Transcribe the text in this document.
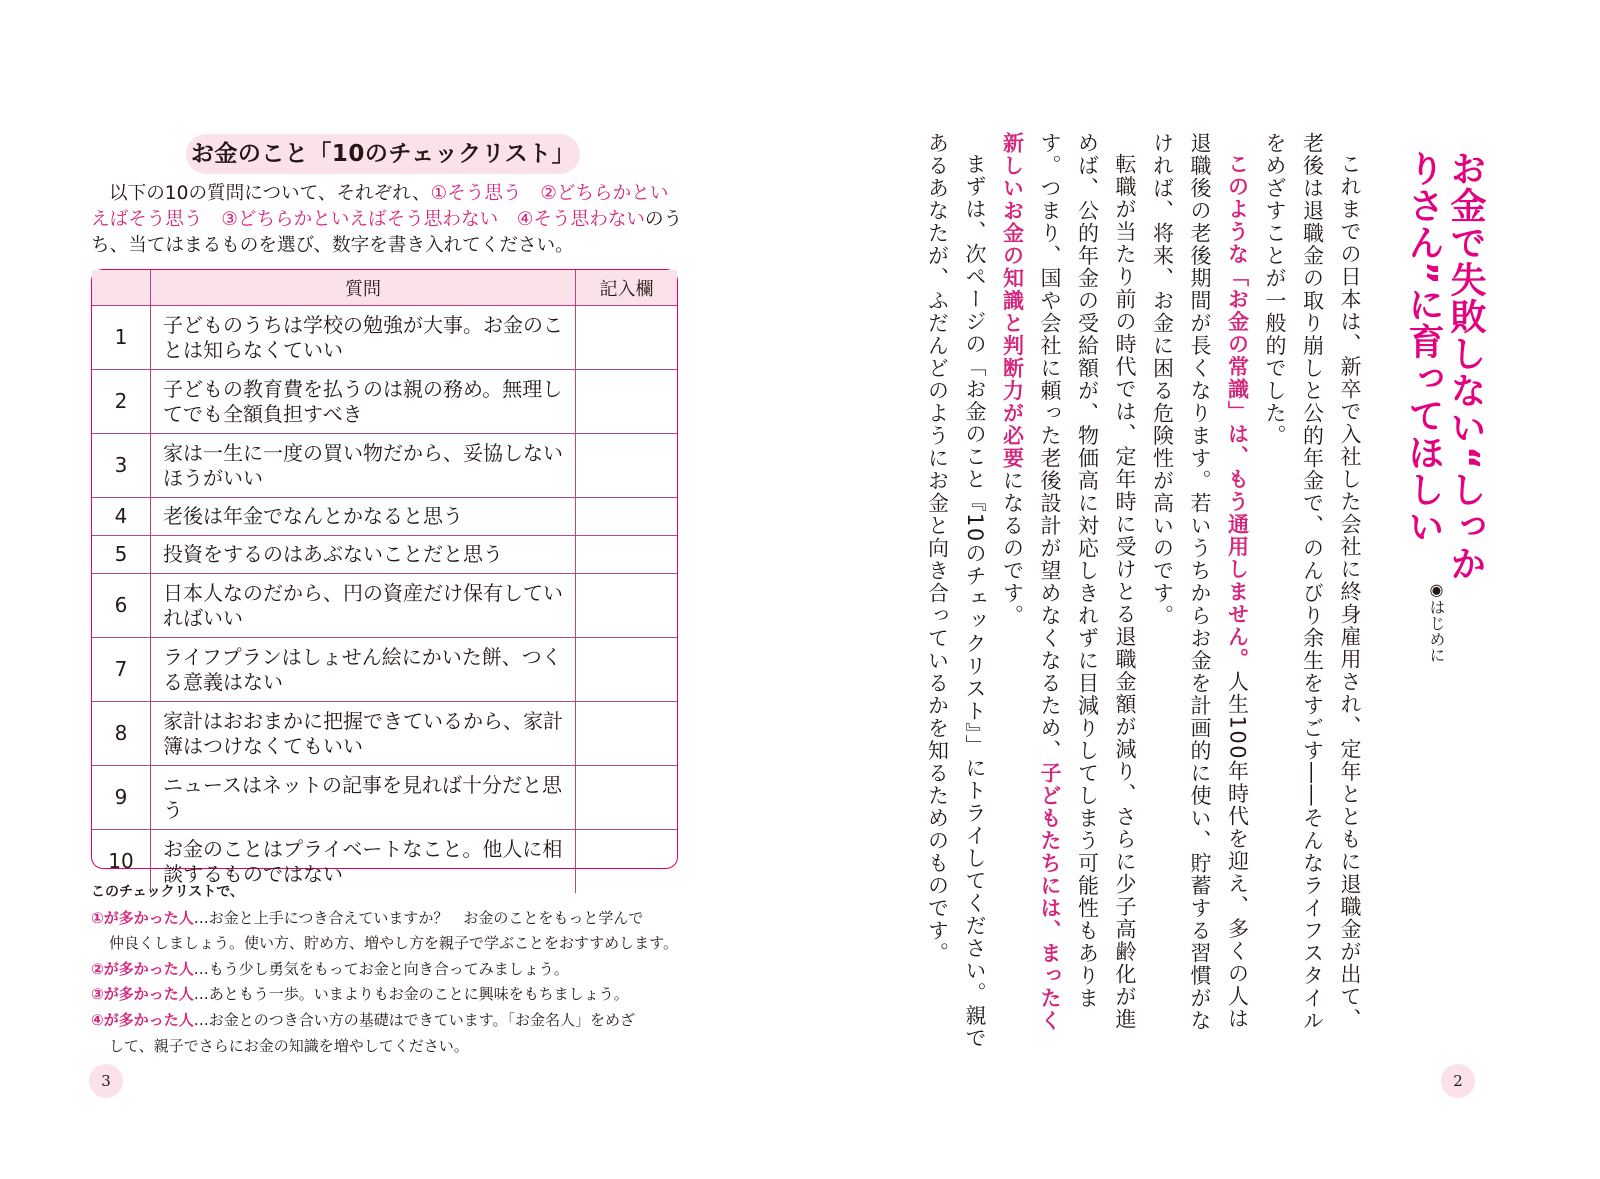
お金のこと「10のチェックリスト」
以下の10の質問について、それぞれ、①そう思う　 ②どちらかといえばそう思う　 ③どちらかといえばそう思わない　 ④そう思わないのうち、当てはまるものを選び、数字を書き入れてください。
	質問	記入欄
1	子どものうちは学校の勉強が大事。お金のことは知らなくていい	
2	子どもの教育費を払うのは親の務め。無理してでも全額負担すべき	
3	家は一生に一度の買い物だから、妥協しないほうがいい	
4	老後は年金でなんとかなると思う	
5	投資をするのはあぶないことだと思う	
6	日本人なのだから、円の資産だけ保有していればいい	
7	ライフプランはしょせん絵にかいた餅、つくる意義はない	
8	家計はおおまかに把握できているから、家計簿はつけなくてもいい	
9	ニュースはネットの記事を見れば十分だと思う	
10	お金のことはプライベートなこと。他人に相談するものではない	
このチェックリストで、
①が多かった人…お金と上手につき合えていますか？　お金のことをもっと学んで
仲良くしましょう。使い方、貯め方、増やし方を親子で学ぶことをおすすめします。
②が多かった人…もう少し勇気をもってお金と向き合ってみましょう。
③が多かった人…あともう一歩。いまよりもお金のことに興味をもちましょう。
④が多かった人…お金とのつき合い方の基礎はできています。「お金名人」をめざ
して、親子でさらにお金の知識を増やしてください。
3
お金で失敗しない“しっかりさん”に育ってほしい
◉はじめに

これまでの日本は、新卒で入社した会社に終身雇用され、定年とともに退職金が出て、老後は退職金の取り崩しと公的年金で、のんびり余生をすごす――そんなライフスタイルをめざすことが一般的でした。

このような「お金の常識」は、もう通用しません。人生100年時代を迎え、多くの人は退職後の老後期間が長くなります。若いうちからお金を計画的に使い、貯蓄する習慣がなければ、将来、お金に困る危険性が高いのです。

転職が当たり前の時代では、定年時に受けとる退職金額が減り、さらに少子高齢化が進めば、公的年金の受給額が、物価高に対応しきれずに目減りしてしまう可能性もあります。つまり、国や会社に頼った老後設計が望めなくなるため、子どもたちには、まったく新しいお金の知識と判断力が必要になるのです。

まずは、次ページの「お金のこと『10のチェックリスト』」にトライしてください。親であるあなたが、ふだんどのようにお金と向き合っているかを知るためのものです。

2
